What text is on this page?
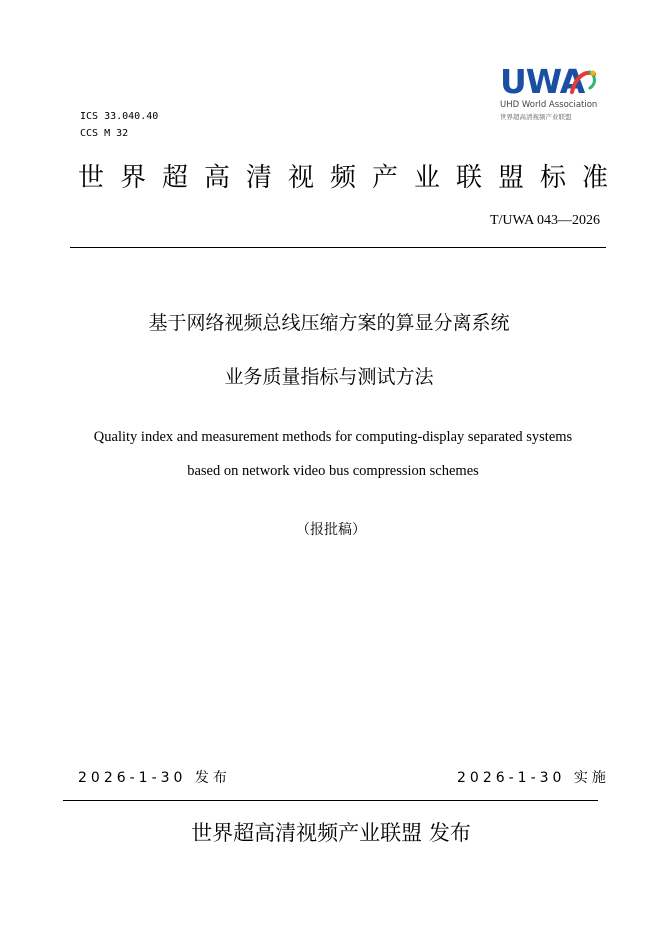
UWA
UHD World Association
世界超高清视频产业联盟
ICS 33.040.40
CCS M 32
世界超高清视频产业联盟标准
T/UWA 043—2026
基于网络视频总线压缩方案的算显分离系统
业务质量指标与测试方法
Quality index and measurement methods for computing-display separated systems
based on network video bus compression schemes
（报批稿）
2026-1-30 发布	2026-1-30 实施
世界超高清视频产业联盟 发布
